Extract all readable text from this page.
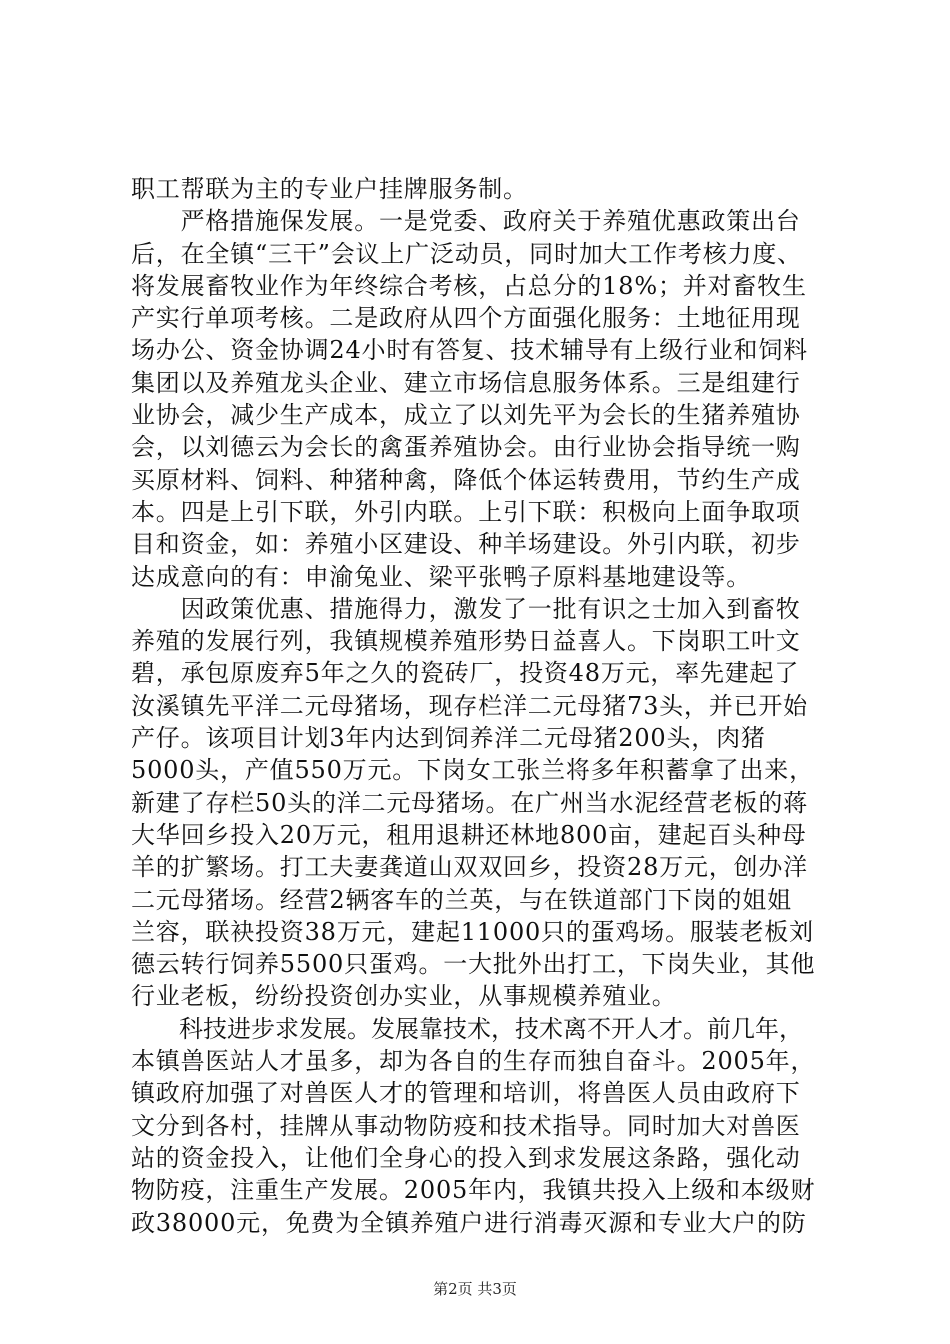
职工帮联为主的专业户挂牌服务制。
　　严格措施保发展。一是党委、政府关于养殖优惠政策出台
后，在全镇“三干”会议上广泛动员，同时加大工作考核力度、
将发展畜牧业作为年终综合考核，占总分的18%；并对畜牧生
产实行单项考核。二是政府从四个方面强化服务：土地征用现
场办公、资金协调24小时有答复、技术辅导有上级行业和饲料
集团以及养殖龙头企业、建立市场信息服务体系。三是组建行
业协会，减少生产成本，成立了以刘先平为会长的生猪养殖协
会，以刘德云为会长的禽蛋养殖协会。由行业协会指导统一购
买原材料、饲料、种猪种禽，降低个体运转费用，节约生产成
本。四是上引下联，外引内联。上引下联：积极向上面争取项
目和资金，如：养殖小区建设、种羊场建设。外引内联，初步
达成意向的有：申渝兔业、梁平张鸭子原料基地建设等。
　　因政策优惠、措施得力，激发了一批有识之士加入到畜牧
养殖的发展行列，我镇规模养殖形势日益喜人。下岗职工叶文
碧，承包原废弃5年之久的瓷砖厂，投资48万元，率先建起了
汝溪镇先平洋二元母猪场，现存栏洋二元母猪73头，并已开始
产仔。该项目计划3年内达到饲养洋二元母猪200头，肉猪
5000头，产值550万元。下岗女工张兰将多年积蓄拿了出来，
新建了存栏50头的洋二元母猪场。在广州当水泥经营老板的蒋
大华回乡投入20万元，租用退耕还林地800亩，建起百头种母
羊的扩繁场。打工夫妻龚道山双双回乡，投资28万元，创办洋
二元母猪场。经营2辆客车的兰英，与在铁道部门下岗的姐姐
兰容，联袂投资38万元，建起11000只的蛋鸡场。服装老板刘
德云转行饲养5500只蛋鸡。一大批外出打工，下岗失业，其他
行业老板，纷纷投资创办实业，从事规模养殖业。
　　科技进步求发展。发展靠技术，技术离不开人才。前几年，
本镇兽医站人才虽多，却为各自的生存而独自奋斗。2005年，
镇政府加强了对兽医人才的管理和培训，将兽医人员由政府下
文分到各村，挂牌从事动物防疫和技术指导。同时加大对兽医
站的资金投入，让他们全身心的投入到求发展这条路，强化动
物防疫，注重生产发展。2005年内，我镇共投入上级和本级财
政38000元，免费为全镇养殖户进行消毒灭源和专业大户的防
第2页 共3页
